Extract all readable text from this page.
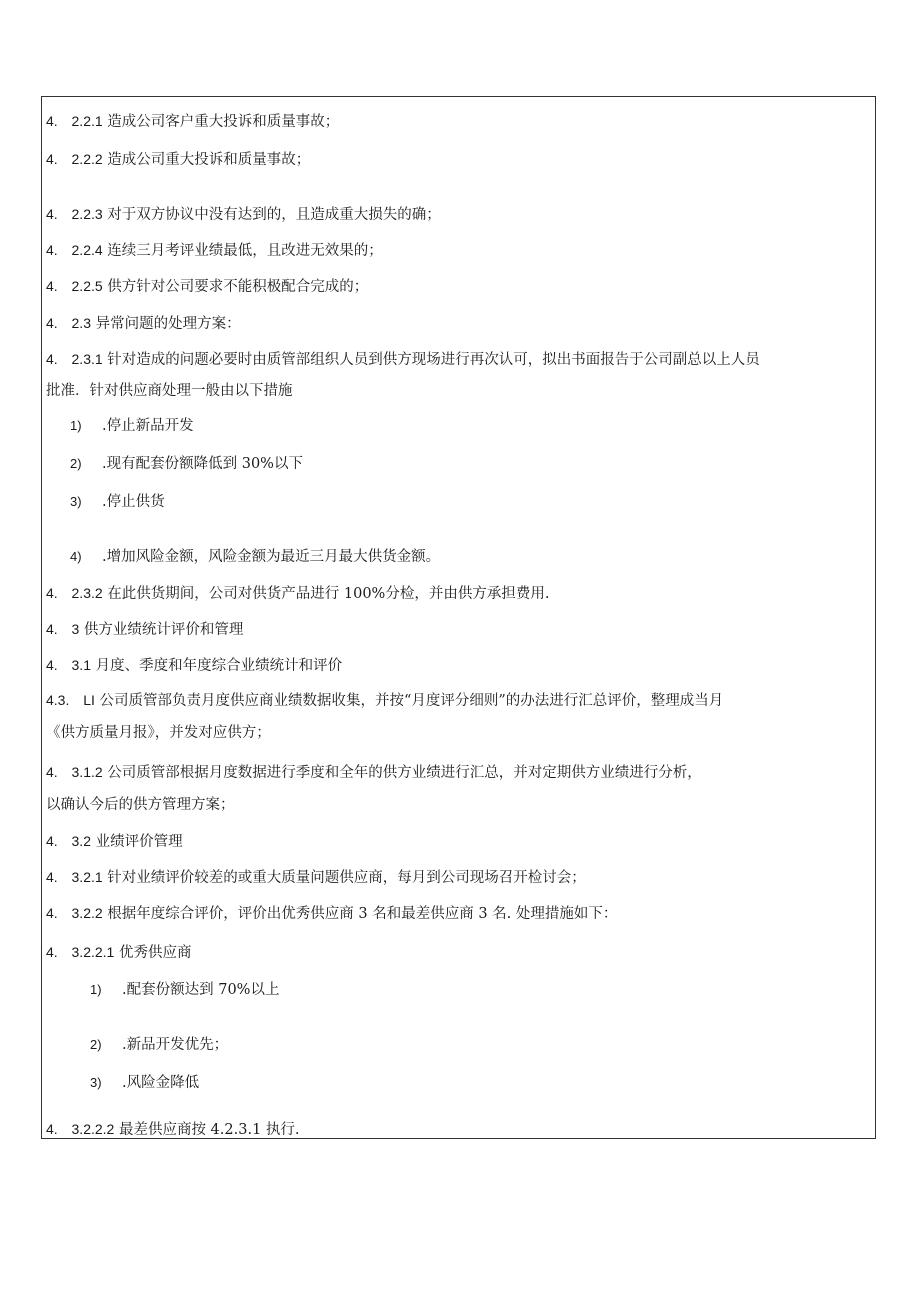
4. 2.2.1 造成公司客户重大投诉和质量事故；
4. 2.2.2 造成公司重大投诉和质量事故；
4. 2.2.3 对于双方协议中没有达到的，且造成重大损失的确；
4. 2.2.4 连续三月考评业绩最低，且改进无效果的；
4. 2.2.5 供方针对公司要求不能积极配合完成的；
4. 2.3 异常问题的处理方案：
4. 2.3.1 针对造成的问题必要时由质管部组织人员到供方现场进行再次认可，拟出书面报告于公司副总以上人员
批准．针对供应商处理一般由以下措施
1) .停止新品开发
2) .现有配套份额降低到 30%以下
3) .停止供货
4) .增加风险金额，风险金额为最近三月最大供货金额。
4. 2.3.2 在此供货期间，公司对供货产品进行 100%分检，并由供方承担费用.
4. 3 供方业绩统计评价和管理
4. 3.1 月度、季度和年度综合业绩统计和评价
4.3. LI 公司质管部负责月度供应商业绩数据收集，并按“月度评分细则”的办法进行汇总评价，整理成当月
《供方质量月报》，并发对应供方；
4. 3.1.2 公司质管部根据月度数据进行季度和全年的供方业绩进行汇总，并对定期供方业绩进行分析，
以确认今后的供方管理方案；
4. 3.2 业绩评价管理
4. 3.2.1 针对业绩评价较差的或重大质量问题供应商，每月到公司现场召开检讨会；
4. 3.2.2 根据年度综合评价，评价出优秀供应商 3 名和最差供应商 3 名. 处理措施如下：
4. 3.2.2.1 优秀供应商
1) .配套份额达到 70%以上
2) .新品开发优先；
3) .风险金降低
4. 3.2.2.2 最差供应商按 4.2.3.1 执行.
